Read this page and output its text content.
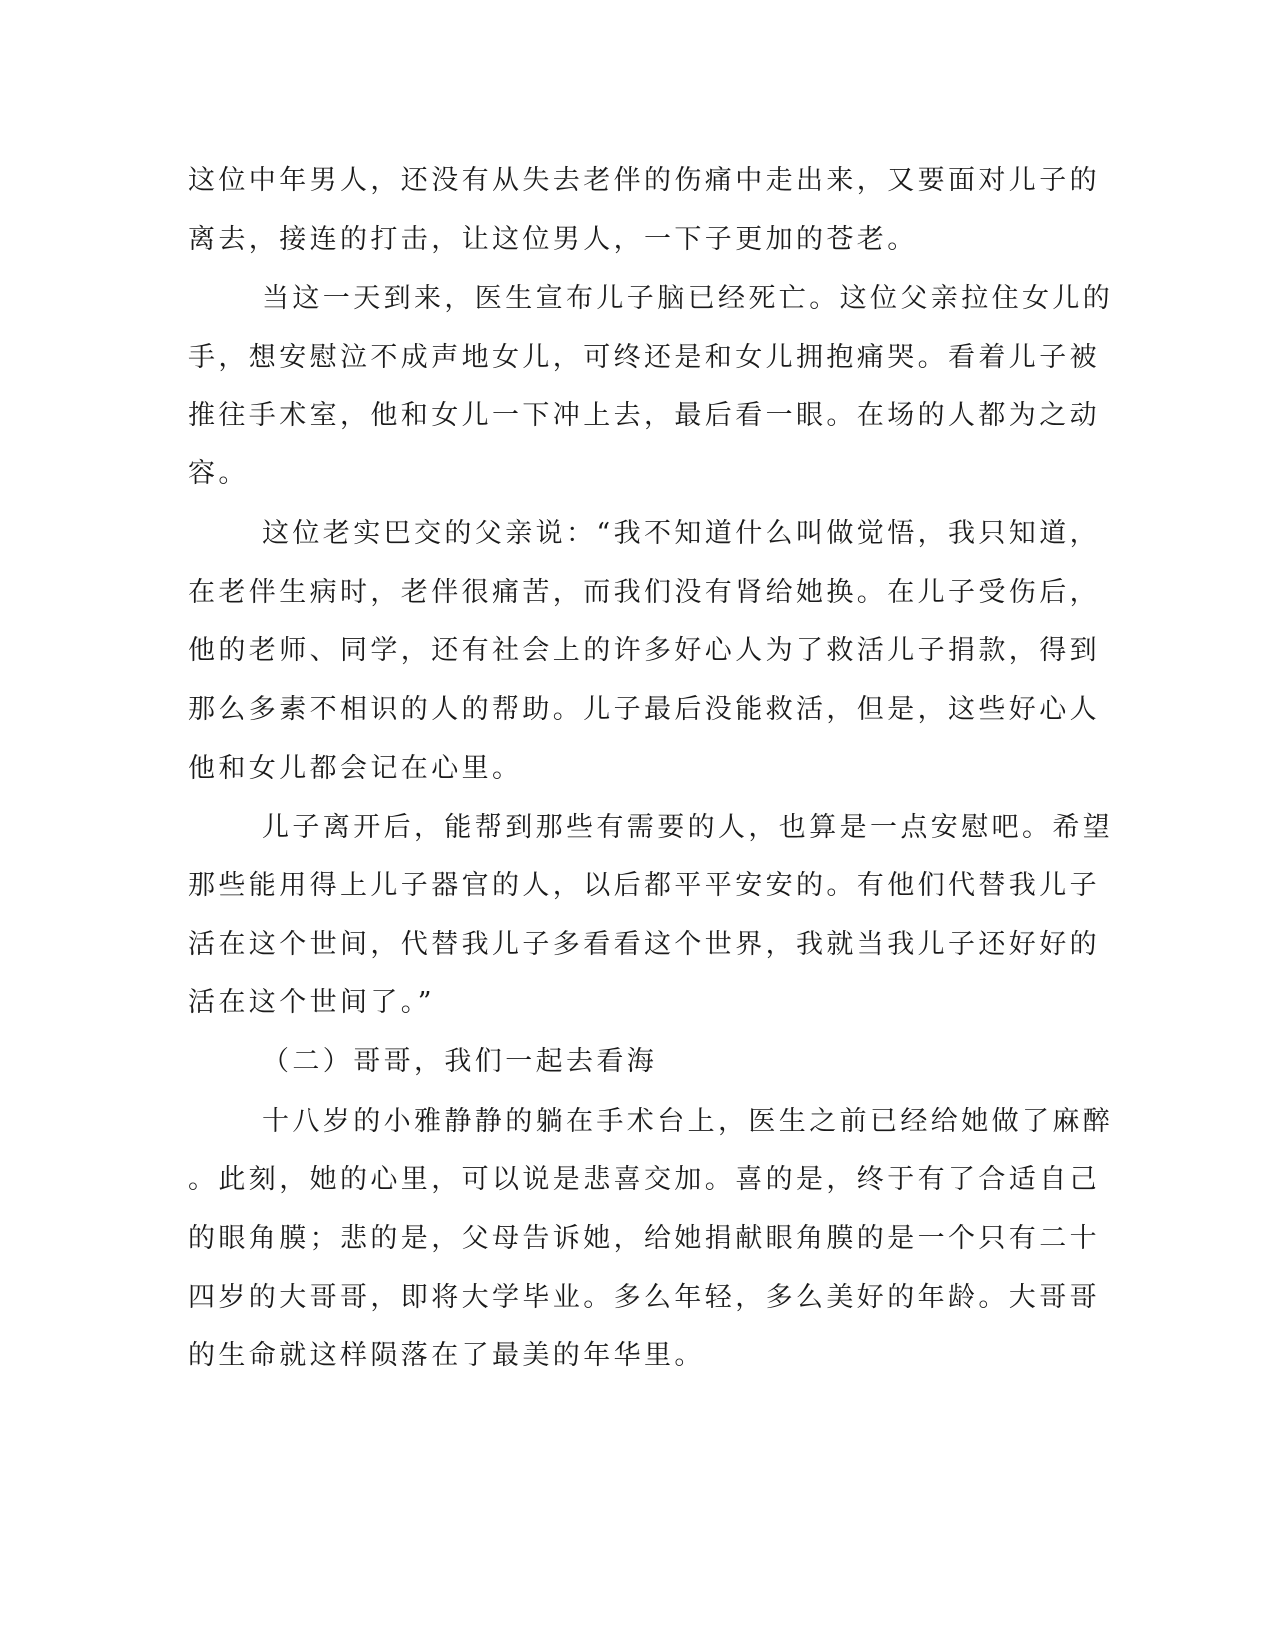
这位中年男人，还没有从失去老伴的伤痛中走出来，又要面对儿子的
离去，接连的打击，让这位男人，一下子更加的苍老。
当这一天到来，医生宣布儿子脑已经死亡。这位父亲拉住女儿的
手，想安慰泣不成声地女儿，可终还是和女儿拥抱痛哭。看着儿子被
推往手术室，他和女儿一下冲上去，最后看一眼。在场的人都为之动
容。
这位老实巴交的父亲说：“我不知道什么叫做觉悟，我只知道，
在老伴生病时，老伴很痛苦，而我们没有肾给她换。在儿子受伤后，
他的老师、同学，还有社会上的许多好心人为了救活儿子捐款，得到
那么多素不相识的人的帮助。儿子最后没能救活，但是，这些好心人
他和女儿都会记在心里。
儿子离开后，能帮到那些有需要的人，也算是一点安慰吧。希望
那些能用得上儿子器官的人，以后都平平安安的。有他们代替我儿子
活在这个世间，代替我儿子多看看这个世界，我就当我儿子还好好的
活在这个世间了。”
（二）哥哥，我们一起去看海
十八岁的小雅静静的躺在手术台上，医生之前已经给她做了麻醉
。此刻，她的心里，可以说是悲喜交加。喜的是，终于有了合适自己
的眼角膜；悲的是，父母告诉她，给她捐献眼角膜的是一个只有二十
四岁的大哥哥，即将大学毕业。多么年轻，多么美好的年龄。大哥哥
的生命就这样陨落在了最美的年华里。
